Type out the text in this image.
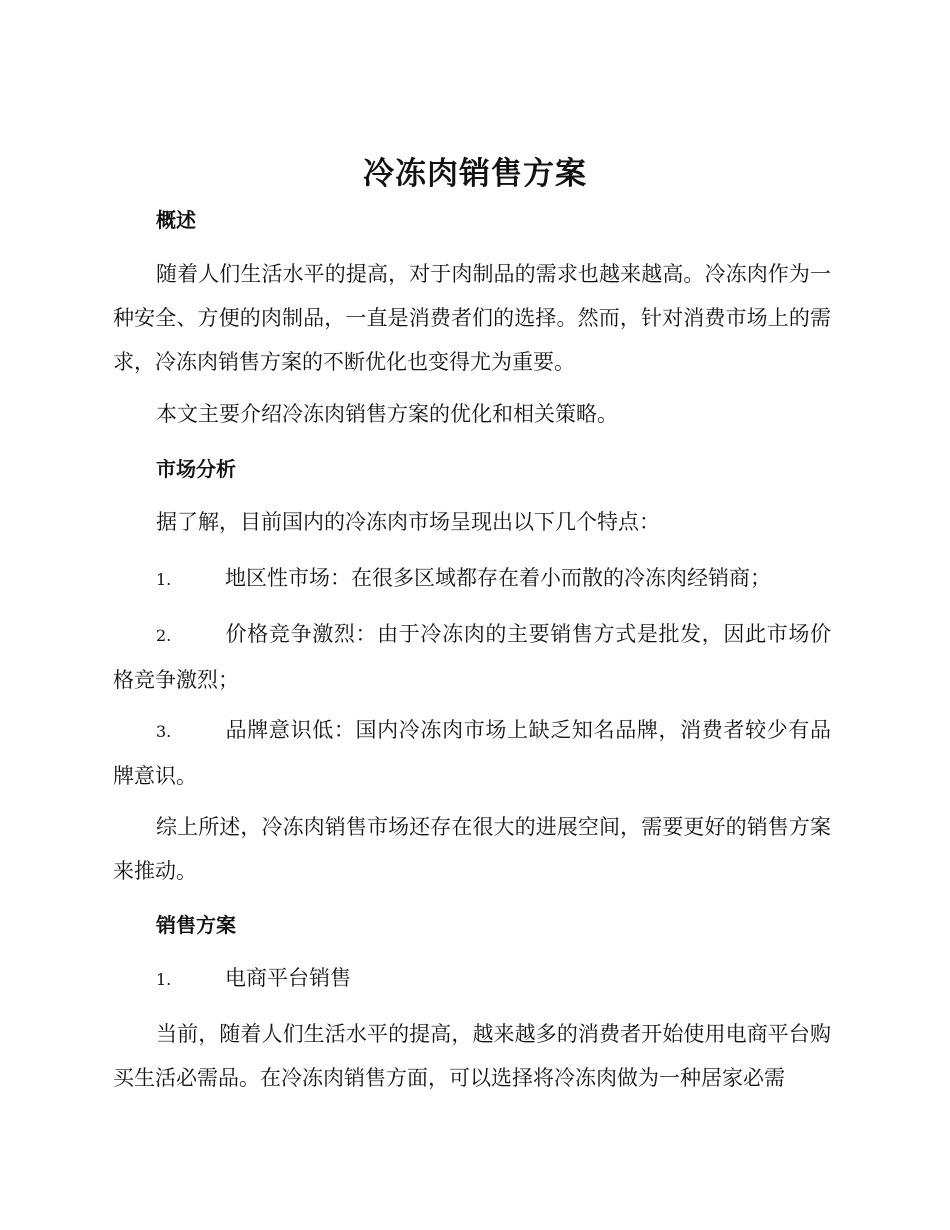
冷冻肉销售方案
概述
随着人们生活水平的提高，对于肉制品的需求也越来越高。冷冻肉作为一种安全、方便的肉制品，一直是消费者们的选择。然而，针对消费市场上的需求，冷冻肉销售方案的不断优化也变得尤为重要。
本文主要介绍冷冻肉销售方案的优化和相关策略。
市场分析
据了解，目前国内的冷冻肉市场呈现出以下几个特点：
1.	地区性市场：在很多区域都存在着小而散的冷冻肉经销商；
2.	价格竞争激烈：由于冷冻肉的主要销售方式是批发，因此市场价格竞争激烈；
3.	品牌意识低：国内冷冻肉市场上缺乏知名品牌，消费者较少有品牌意识。
综上所述，冷冻肉销售市场还存在很大的进展空间，需要更好的销售方案来推动。
销售方案
1.	电商平台销售
当前，随着人们生活水平的提高，越来越多的消费者开始使用电商平台购买生活必需品。在冷冻肉销售方面，可以选择将冷冻肉做为一种居家必需
